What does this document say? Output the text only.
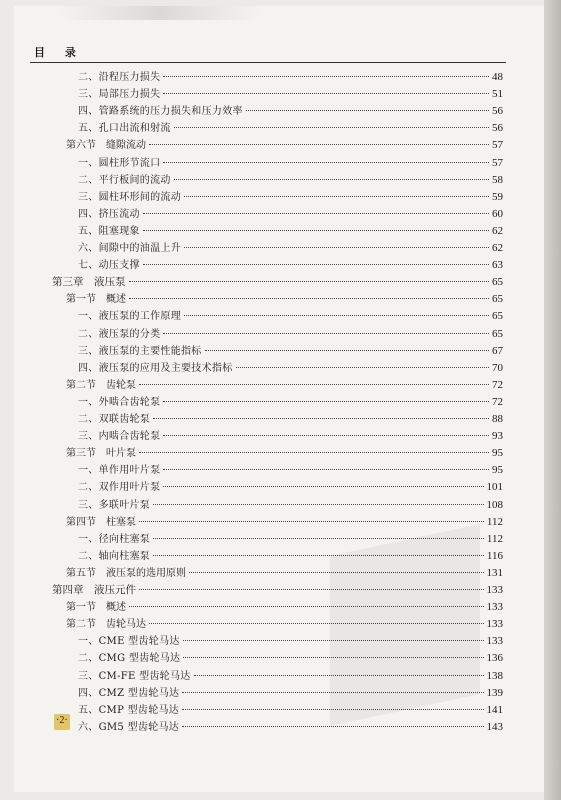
目 录
二、沿程压力损失	48
三、局部压力损失	51
四、管路系统的压力损失和压力效率	56
五、孔口出流和射流	56
第六节　缝隙流动	57
一、圆柱形节流口	57
二、平行板间的流动	58
三、圆柱环形间的流动	59
四、挤压流动	60
五、阻塞现象	62
六、间隙中的油温上升	62
七、动压支撑	63
第三章　液压泵	65
第一节　概述	65
一、液压泵的工作原理	65
二、液压泵的分类	65
三、液压泵的主要性能指标	67
四、液压泵的应用及主要技术指标	70
第二节　齿轮泵	72
一、外啮合齿轮泵	72
二、双联齿轮泵	88
三、内啮合齿轮泵	93
第三节　叶片泵	95
一、单作用叶片泵	95
二、双作用叶片泵	101
三、多联叶片泵	108
第四节　柱塞泵	112
一、径向柱塞泵	112
二、轴向柱塞泵	116
第五节　液压泵的选用原则	131
第四章　液压元件	133
第一节　概述	133
第二节　齿轮马达	133
一、CME 型齿轮马达	133
二、CMG 型齿轮马达	136
三、CM-FE 型齿轮马达	138
四、CMZ 型齿轮马达	139
五、CMP 型齿轮马达	141
六、GM5 型齿轮马达	143
·2·
